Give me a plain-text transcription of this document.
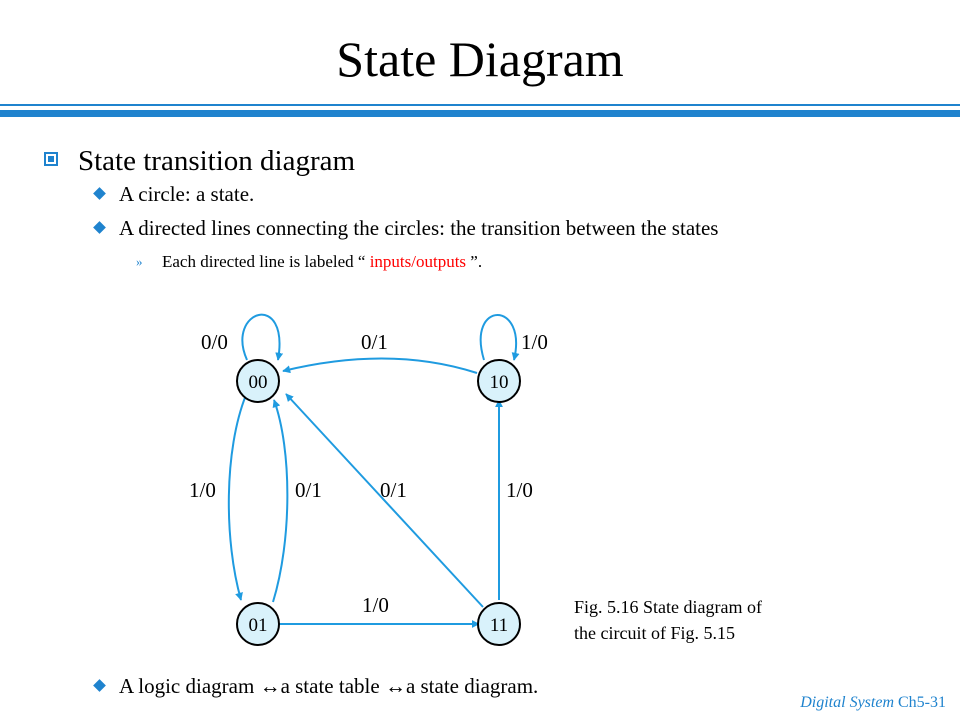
State Diagram
State transition diagram
A circle: a state.
A directed lines connecting the circles: the transition between the states
» Each directed line is labeled “ inputs/outputs ”.
00	10
01	11
0/0	0/1	1/0
1/0	0/1	0/1	1/0
1/0	Fig. 5.16 State diagram of
the circuit of Fig. 5.15
A logic diagram ↔a state table ↔a state diagram.
Digital System Ch5-31
